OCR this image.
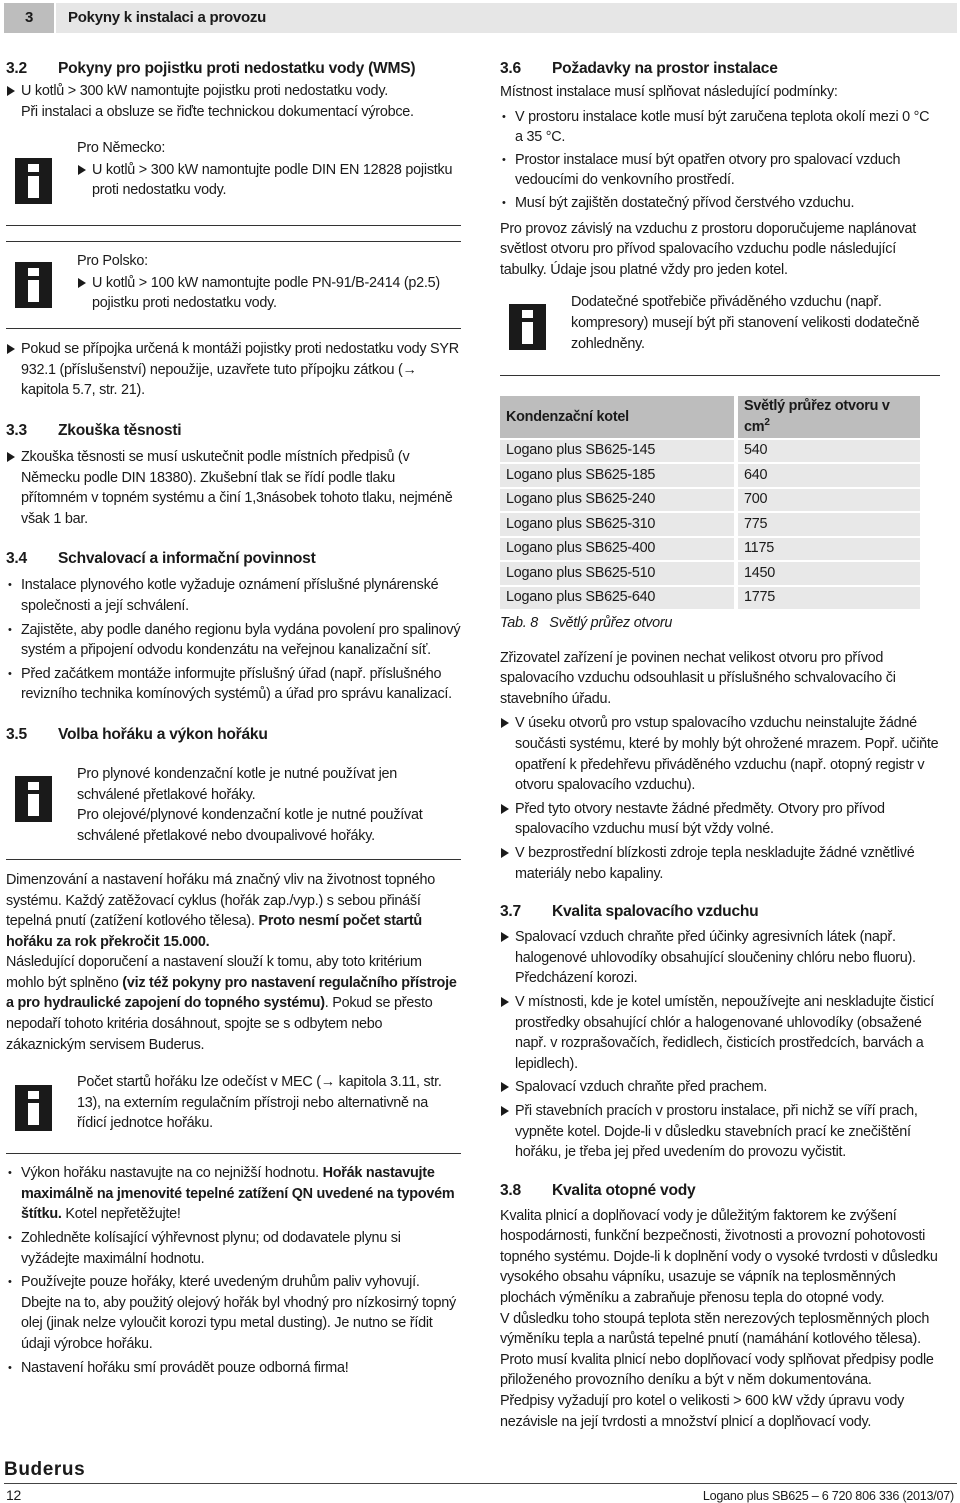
3	Pokyny k instalaci a provozu
3.2	Pokyny pro pojistku proti nedostatku vody (WMS)
U kotlů > 300 kW namontujte pojistku proti nedostatku vody.
Při instalaci a obsluze se řiďte technickou dokumentací výrobce.
Pro Německo:
U kotlů > 300 kW namontujte podle DIN EN 12828 pojistku proti nedostatku vody.
Pro Polsko:
U kotlů > 100 kW namontujte podle PN-91/B-2414 (p2.5) pojistku proti nedostatku vody.
Pokud se přípojka určená k montáži pojistky proti nedostatku vody SYR 932.1 (příslušenství) nepoužije, uzavřete tuto přípojku zátkou (→ kapitola 5.7, str. 21).
3.3	Zkouška těsnosti
Zkouška těsnosti se musí uskutečnit podle místních předpisů (v Německu podle DIN 18380). Zkušební tlak se řídí podle tlaku přítomném v topném systému a činí 1,3násobek tohoto tlaku, nejméně však 1 bar.
3.4	Schvalovací a informační povinnost
• Instalace plynového kotle vyžaduje oznámení příslušné plynárenské společnosti a její schválení.
• Zajistěte, aby podle daného regionu byla vydána povolení pro spalinový systém a připojení odvodu kondenzátu na veřejnou kanalizační síť.
• Před začátkem montáže informujte příslušný úřad (např. příslušného revizního technika komínových systémů) a úřad pro správu kanalizací.
3.5	Volba hořáku a výkon hořáku
Pro plynové kondenzační kotle je nutné používat jen schválené přetlakové hořáky.
Pro olejové/plynové kondenzační kotle je nutné používat schválené přetlakové nebo dvoupalivové hořáky.
Dimenzování a nastavení hořáku má značný vliv na životnost topného systému. Každý zatěžovací cyklus (hořák zap./vyp.) s sebou přináší tepelná pnutí (zatížení kotlového tělesa). Proto nesmí počet startů hořáku za rok překročit 15.000.
Následující doporučení a nastavení slouží k tomu, aby toto kritérium mohlo být splněno (viz též pokyny pro nastavení regulačního přístroje a pro hydraulické zapojení do topného systému). Pokud se přesto nepodaří tohoto kritéria dosáhnout, spojte se s odbytem nebo zákaznickým servisem Buderus.
Počet startů hořáku lze odečíst v MEC (→ kapitola 3.11, str. 13), na externím regulačním přístroji nebo alternativně na řídicí jednotce hořáku.
• Výkon hořáku nastavujte na co nejnižší hodnotu. Hořák nastavujte maximálně na jmenovité tepelné zatížení QN uvedené na typovém štítku. Kotel nepřetěžujte!
• Zohledněte kolísající výhřevnost plynu; od dodavatele plynu si vyžádejte maximální hodnotu.
• Používejte pouze hořáky, které uvedeným druhům paliv vyhovují. Dbejte na to, aby použitý olejový hořák byl vhodný pro nízkosirný topný olej (jinak nelze vyloučit korozi typu metal dusting). Je nutno se řídit údaji výrobce hořáku.
• Nastavení hořáku smí provádět pouze odborná firma!
3.6	Požadavky na prostor instalace
Místnost instalace musí splňovat následující podmínky:
• V prostoru instalace kotle musí být zaručena teplota okolí mezi 0 °C a 35 °C.
• Prostor instalace musí být opatřen otvory pro spalovací vzduch vedoucími do venkovního prostředí.
• Musí být zajištěn dostatečný přívod čerstvého vzduchu.
Pro provoz závislý na vzduchu z prostoru doporučujeme naplánovat světlost otvoru pro přívod spalovacího vzduchu podle následující tabulky. Údaje jsou platné vždy pro jeden kotel.
Dodatečné spotřebiče přiváděného vzduchu (např. kompresory) musejí být při stanovení velikosti dodatečně zohledněny.
Kondenzační kotel	Světlý průřez otvoru v $cm^2$
Logano plus SB625-145	540
Logano plus SB625-185	640
Logano plus SB625-240	700
Logano plus SB625-310	775
Logano plus SB625-400	1175
Logano plus SB625-510	1450
Logano plus SB625-640	1775
Tab. 8   Světlý průřez otvoru
Zřizovatel zařízení je povinen nechat velikost otvoru pro přívod spalovacího vzduchu odsouhlasit u příslušného schvalovacího či stavebního úřadu.
V úseku otvorů pro vstup spalovacího vzduchu neinstalujte žádné součásti systému, které by mohly být ohrožené mrazem. Popř. učiňte opatření k předehřevu přiváděného vzduchu (např. otopný registr v otvoru spalovacího vzduchu).
Před tyto otvory nestavte žádné předměty. Otvory pro přívod spalovacího vzduchu musí být vždy volné.
V bezprostřední blízkosti zdroje tepla neskladujte žádné vznětlivé materiály nebo kapaliny.
3.7	Kvalita spalovacího vzduchu
Spalovací vzduch chraňte před účinky agresivních látek (např. halogenové uhlovodíky obsahující sloučeniny chlóru nebo fluoru). Předcházení korozi.
V místnosti, kde je kotel umístěn, nepoužívejte ani neskladujte čisticí prostředky obsahující chlór a halogenované uhlovodíky (obsažené např. v rozprašovačích, ředidlech, čisticích prostředcích, barvách a lepidlech).
Spalovací vzduch chraňte před prachem.
Při stavebních pracích v prostoru instalace, při nichž se víří prach, vypněte kotel. Dojde-li v důsledku stavebních prací ke znečištění hořáku, je třeba jej před uvedením do provozu vyčistit.
3.8	Kvalita otopné vody
Kvalita plnicí a doplňovací vody je důležitým faktorem ke zvýšení hospodárnosti, funkční bezpečnosti, životnosti a provozní pohotovosti topného systému. Dojde-li k doplnění vody o vysoké tvrdosti v důsledku vysokého obsahu vápníku, usazuje se vápník na teplosměnných plochách výměníku a zabraňuje přenosu tepla do otopné vody.
V důsledku toho stoupá teplota stěn nerezových teplosměnných ploch výměníku tepla a narůstá tepelné pnutí (namáhání kotlového tělesa). Proto musí kvalita plnicí nebo doplňovací vody splňovat předpisy podle přiloženého provozního deníku a být v něm dokumentována.
Předpisy vyžadují pro kotel o velikosti > 600 kW vždy úpravu vody nezávisle na její tvrdosti a množství plnicí a doplňovací vody.
Buderus
12	Logano plus SB625 – 6 720 806 336 (2013/07)
